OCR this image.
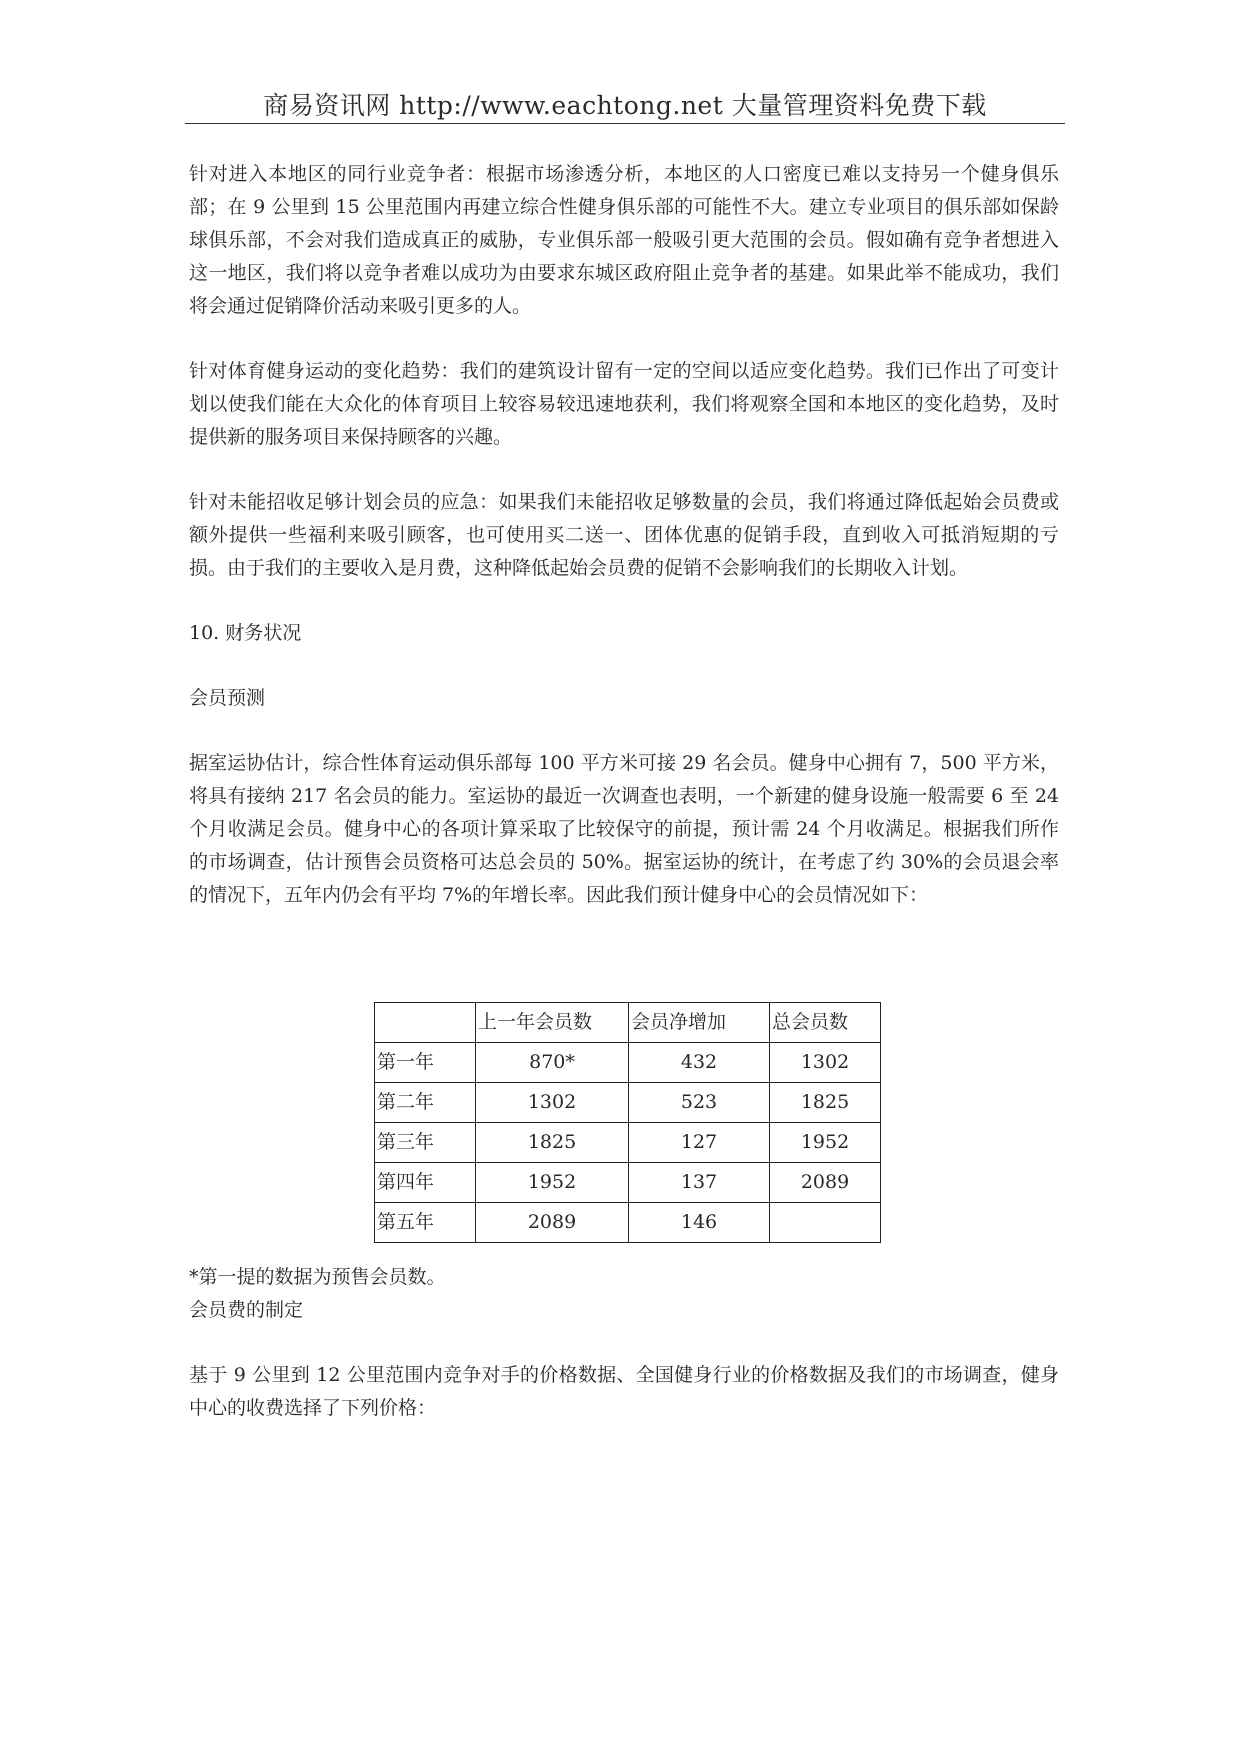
商易资讯网 http://www.eachtong.net 大量管理资料免费下载

针对进入本地区的同行业竞争者：根据市场渗透分析，本地区的人口密度已难以支持另一个健身俱乐部；在 9 公里到 15 公里范围内再建立综合性健身俱乐部的可能性不大。建立专业项目的俱乐部如保龄球俱乐部，不会对我们造成真正的威胁，专业俱乐部一般吸引更大范围的会员。假如确有竞争者想进入这一地区，我们将以竞争者难以成功为由要求东城区政府阻止竞争者的基建。如果此举不能成功，我们将会通过促销降价活动来吸引更多的人。

针对体育健身运动的变化趋势：我们的建筑设计留有一定的空间以适应变化趋势。我们已作出了可变计划以使我们能在大众化的体育项目上较容易较迅速地获利，我们将观察全国和本地区的变化趋势，及时提供新的服务项目来保持顾客的兴趣。

针对未能招收足够计划会员的应急：如果我们未能招收足够数量的会员，我们将通过降低起始会员费或额外提供一些福利来吸引顾客，也可使用买二送一、团体优惠的促销手段，直到收入可抵消短期的亏损。由于我们的主要收入是月费，这种降低起始会员费的促销不会影响我们的长期收入计划。

10. 财务状况

会员预测

据室运协估计，综合性体育运动俱乐部每 100 平方米可接 29 名会员。健身中心拥有 7，500 平方米，将具有接纳 217 名会员的能力。室运协的最近一次调查也表明，一个新建的健身设施一般需要 6 至 24 个月收满足会员。健身中心的各项计算采取了比较保守的前提，预计需 24 个月收满足。根据我们所作的市场调查，估计预售会员资格可达总会员的 50%。据室运协的统计，在考虑了约 30%的会员退会率的情况下，五年内仍会有平均 7%的年增长率。因此我们预计健身中心的会员情况如下：

	上一年会员数	会员净增加	总会员数
第一年	870*	432	1302
第二年	1302	523	1825
第三年	1825	127	1952
第四年	1952	137	2089
第五年	2089	146	

*第一提的数据为预售会员数。

会员费的制定

基于 9 公里到 12 公里范围内竞争对手的价格数据、全国健身行业的价格数据及我们的市场调查，健身中心的收费选择了下列价格：
